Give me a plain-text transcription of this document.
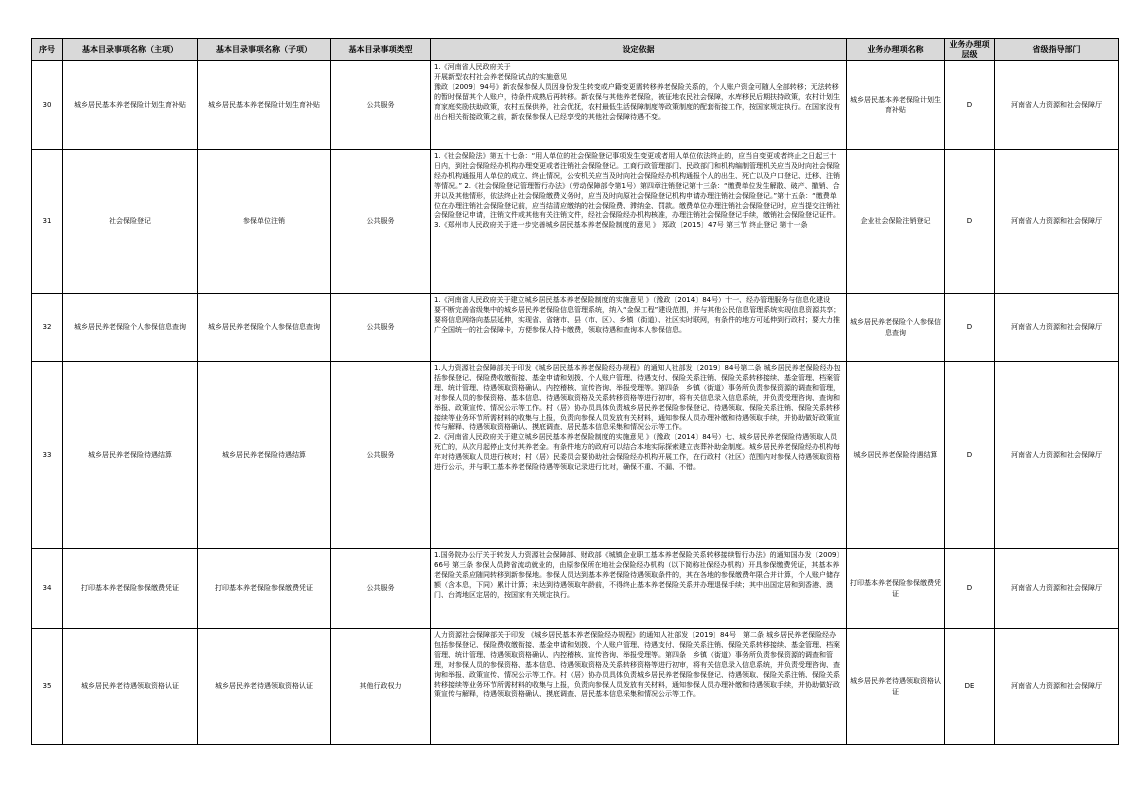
序号	基本目录事项名称（主项）	基本目录事项名称（子项）	基本目录事项类型	设定依据	业务办理项名称	业务办理项层级	省级指导部门
30	城乡居民基本养老保险计划生育补贴	城乡居民基本养老保险计划生育补贴	公共服务	1.《河南省人民政府关于
开展新型农村社会养老保险试点的实施意见
豫政〔2009〕94号》新农保参保人员因身份发生转变或户籍变更需转移养老保险关系的，个人账户资金可随人全部转移；无法转移的暂时保留其个人账户，待条件成熟后再转移。新农保与其他养老保险，被征地农民社会保障，水库移民后期扶持政策，农村计划生育家庭奖励扶助政策，农村五保供养，社会优抚，农村最低生活保障制度等政策制度的配套衔接工作，按国家规定执行。在国家没有出台相关衔接政策之前，新农保参保人已经享受的其他社会保障待遇不变。	城乡居民基本养老保险计划生育补贴	D	河南省人力资源和社会保障厅
31	社会保险登记	参保单位注销	公共服务	1.《社会保险法》第五十七条：“用人单位的社会保险登记事项发生变更或者用人单位依法终止的，应当自变更或者终止之日起三十日内，到社会保险经办机构办理变更或者注销社会保险登记。工商行政管理部门、民政部门和机构编制管理机关应当及时向社会保险经办机构通报用人单位的成立、终止情况，公安机关应当及时向社会保险经办机构通报个人的出生、死亡以及户口登记、迁移、注销等情况。” 2.《社会保险登记管理暂行办法》（劳动保障部令第1号）第四章注销登记第十三条：“缴费单位发生解散、破产、撤销、合并以及其他情形，依法终止社会保险缴费义务时，应当及时向原社会保险登记机构申请办理注销社会保险登记。”第十五条：“缴费单位在办理注销社会保险登记前，应当结清应缴纳的社会保险费、滞纳金、罚款。缴费单位办理注销社会保险登记时，应当提交注销社会保险登记申请，注销文件或其他有关注销文件，经社会保险经办机构核准，办理注销社会保险登记手续，缴销社会保险登记证件。3.《郑州市人民政府关于进一步完善城乡居民基本养老保险制度的意见 》 郑政〔2015〕47号 第三节 终止登记 第十一条	企业社会保险注销登记	D	河南省人力资源和社会保障厅
32	城乡居民养老保险个人参保信息查询	城乡居民养老保险个人参保信息查询	公共服务	1.《河南省人民政府关于建立城乡居民基本养老保险制度的实施意见 》（豫政〔2014〕84号）十一、经办管理服务与信息化建设　要不断完善省级集中的城乡居民养老保险信息管理系统，纳入“金保工程”建设范围，并与其他公民信息管理系统实现信息资源共享；要将信息网络向基层延伸，实现省、省辖市、县（市、区）、乡镇（街道）、社区实时联网，有条件的地方可延伸到行政村；要大力推广全国统一的社会保障卡，方便参保人持卡缴费，领取待遇和查询本人参保信息。	城乡居民养老保险个人参保信息查询	D	河南省人力资源和社会保障厅
33	城乡居民养老保险待遇结算	城乡居民养老保险待遇结算	公共服务	1.人力资源社会保障部关于印发《城乡居民基本养老保险经办规程》的通知人社部发〔2019〕84号第二条 城乡居民养老保险经办包括参保登记、保险费收缴衔接、基金申请和划拨、个人账户管理、待遇支付、保险关系注销、保险关系转移接续、基金管理、档案管理、统计管理、待遇领取资格确认、内控稽核、宣传咨询、举报受理等。第四条　乡镇（街道）事务所负责参保资源的调查和管理，对参保人员的参保资格、基本信息、待遇领取资格及关系转移资格等进行初审，将有关信息录入信息系统，并负责受理咨询、查询和举报、政策宣传、情况公示等工作。村（居）协办员具体负责城乡居民养老保险参保登记、待遇领取、保险关系注销、保险关系转移接续等业务环节所需材料的收集与上报，负责向参保人员发放有关材料，通知参保人员办理补缴和待遇领取手续，并协助做好政策宣传与解释、待遇领取资格确认、摸底调查、居民基本信息采集和情况公示等工作。
2.《河南省人民政府关于建立城乡居民基本养老保险制度的实施意见 》（豫政〔2014〕84号）七、城乡居民养老保险待遇领取人员死亡的，从次月起停止支付其养老金。有条件地方的政府可以结合本地实际探索建立丧葬补助金制度。城乡居民养老保险经办机构每年对待遇领取人员进行核对；村（居）民委员会要协助社会保险经办机构开展工作，在行政村（社区）范围内对参保人待遇领取资格进行公示，并与职工基本养老保险待遇等领取记录进行比对，确保不重、不漏、不错。	城乡居民养老保险待遇结算	D	河南省人力资源和社会保障厅
34	打印基本养老保险参保缴费凭证	打印基本养老保险参保缴费凭证	公共服务	1.国务院办公厅关于转发人力资源社会保障部、财政部《城镇企业职工基本养老保险关系转移接续暂行办法》的通知国办发〔2009〕66号 第三条 参保人员跨省流动就业的，由原参保所在地社会保险经办机构（以下简称社保经办机构）开具参保缴费凭证，其基本养老保险关系应随同转移到新参保地。参保人员达到基本养老保险待遇领取条件的，其在各地的参保缴费年限合并计算，个人账户储存额（含本息，下同）累计计算；未达到待遇领取年龄前，不得终止基本养老保险关系并办理退保手续；其中出国定居和到香港、澳门、台湾地区定居的，按国家有关规定执行。	打印基本养老保险参保缴费凭证	D	河南省人力资源和社会保障厅
35	城乡居民养老待遇领取资格认证	城乡居民养老待遇领取资格认证	其他行政权力	人力资源社会保障部关于印发 《城乡居民基本养老保险经办规程》的通知人社部发〔2019〕84号　第二条 城乡居民养老保险经办包括参保登记、保险费收缴衔接、基金申请和划拨、个人账户管理、待遇支付、保险关系注销、保险关系转移接续、基金管理、档案管理、统计管理、待遇领取资格确认、内控稽核、宣传咨询、举报受理等。第四条　乡镇（街道）事务所负责参保资源的调查和管理，对参保人员的参保资格、基本信息、待遇领取资格及关系转移资格等进行初审，将有关信息录入信息系统，并负责受理咨询、查询和举报、政策宣传、情况公示等工作。村（居）协办员具体负责城乡居民养老保险参保登记、待遇领取、保险关系注销、保险关系转移接续等业务环节所需材料的收集与上报，负责向参保人员发放有关材料，通知参保人员办理补缴和待遇领取手续，并协助做好政策宣传与解释，待遇领取资格确认、摸底调查、居民基本信息采集和情况公示等工作。	城乡居民养老待遇领取资格认证	DE	河南省人力资源和社会保障厅
